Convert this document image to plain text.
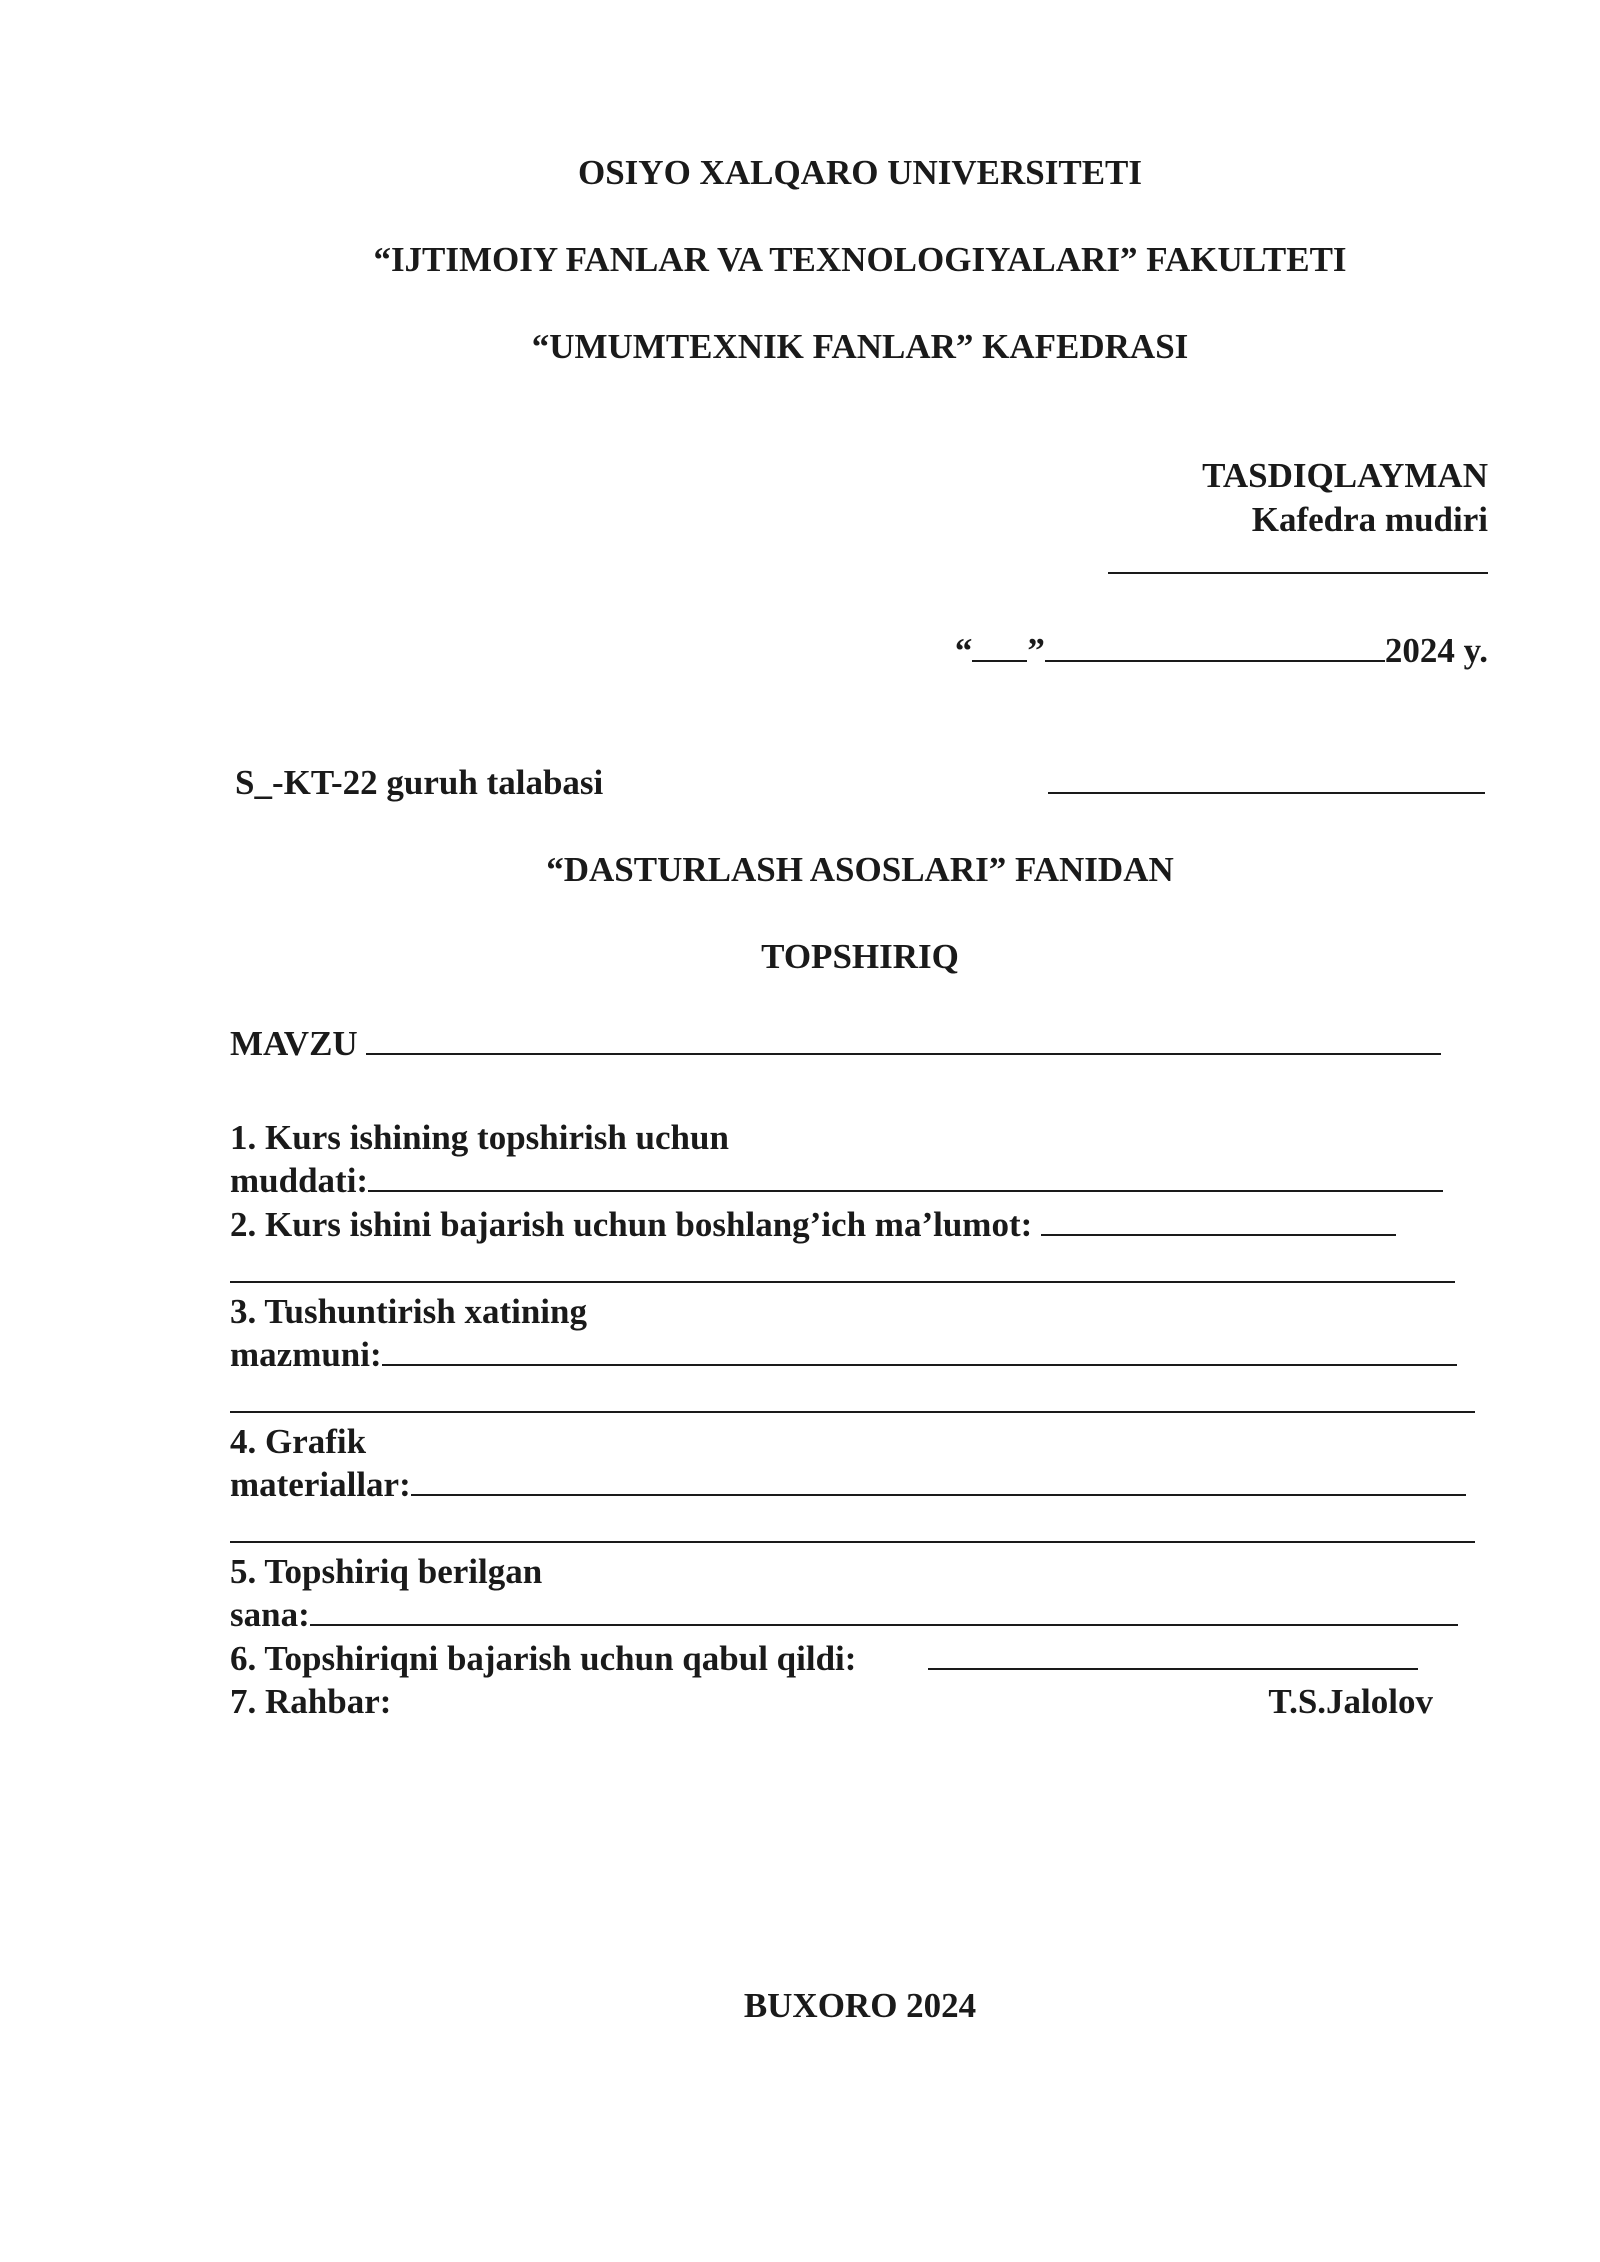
OSIYO XALQARO UNIVERSITETI
“IJTIMOIY FANLAR VA TEXNOLOGIYALARI” FAKULTETI
“UMUMTEXNIK FANLAR” KAFEDRASI
TASDIQLAYMAN
Kafedra mudiri
“ ”	2024 y.
S_-KT-22 guruh talabasi
“DASTURLASH ASOSLARI” FANIDAN
TOPSHIRIQ
MAVZU
1. Kurs ishining topshirish uchun
muddati:
2. Kurs ishini bajarish uchun boshlang’ich ma’lumot:
3. Tushuntirish xatining
mazmuni:
4. Grafik
materiallar:
5. Topshiriq berilgan
sana:
6. Topshiriqni bajarish uchun qabul qildi:
7. Rahbar:	T.S.Jalolov
BUXORO 2024
